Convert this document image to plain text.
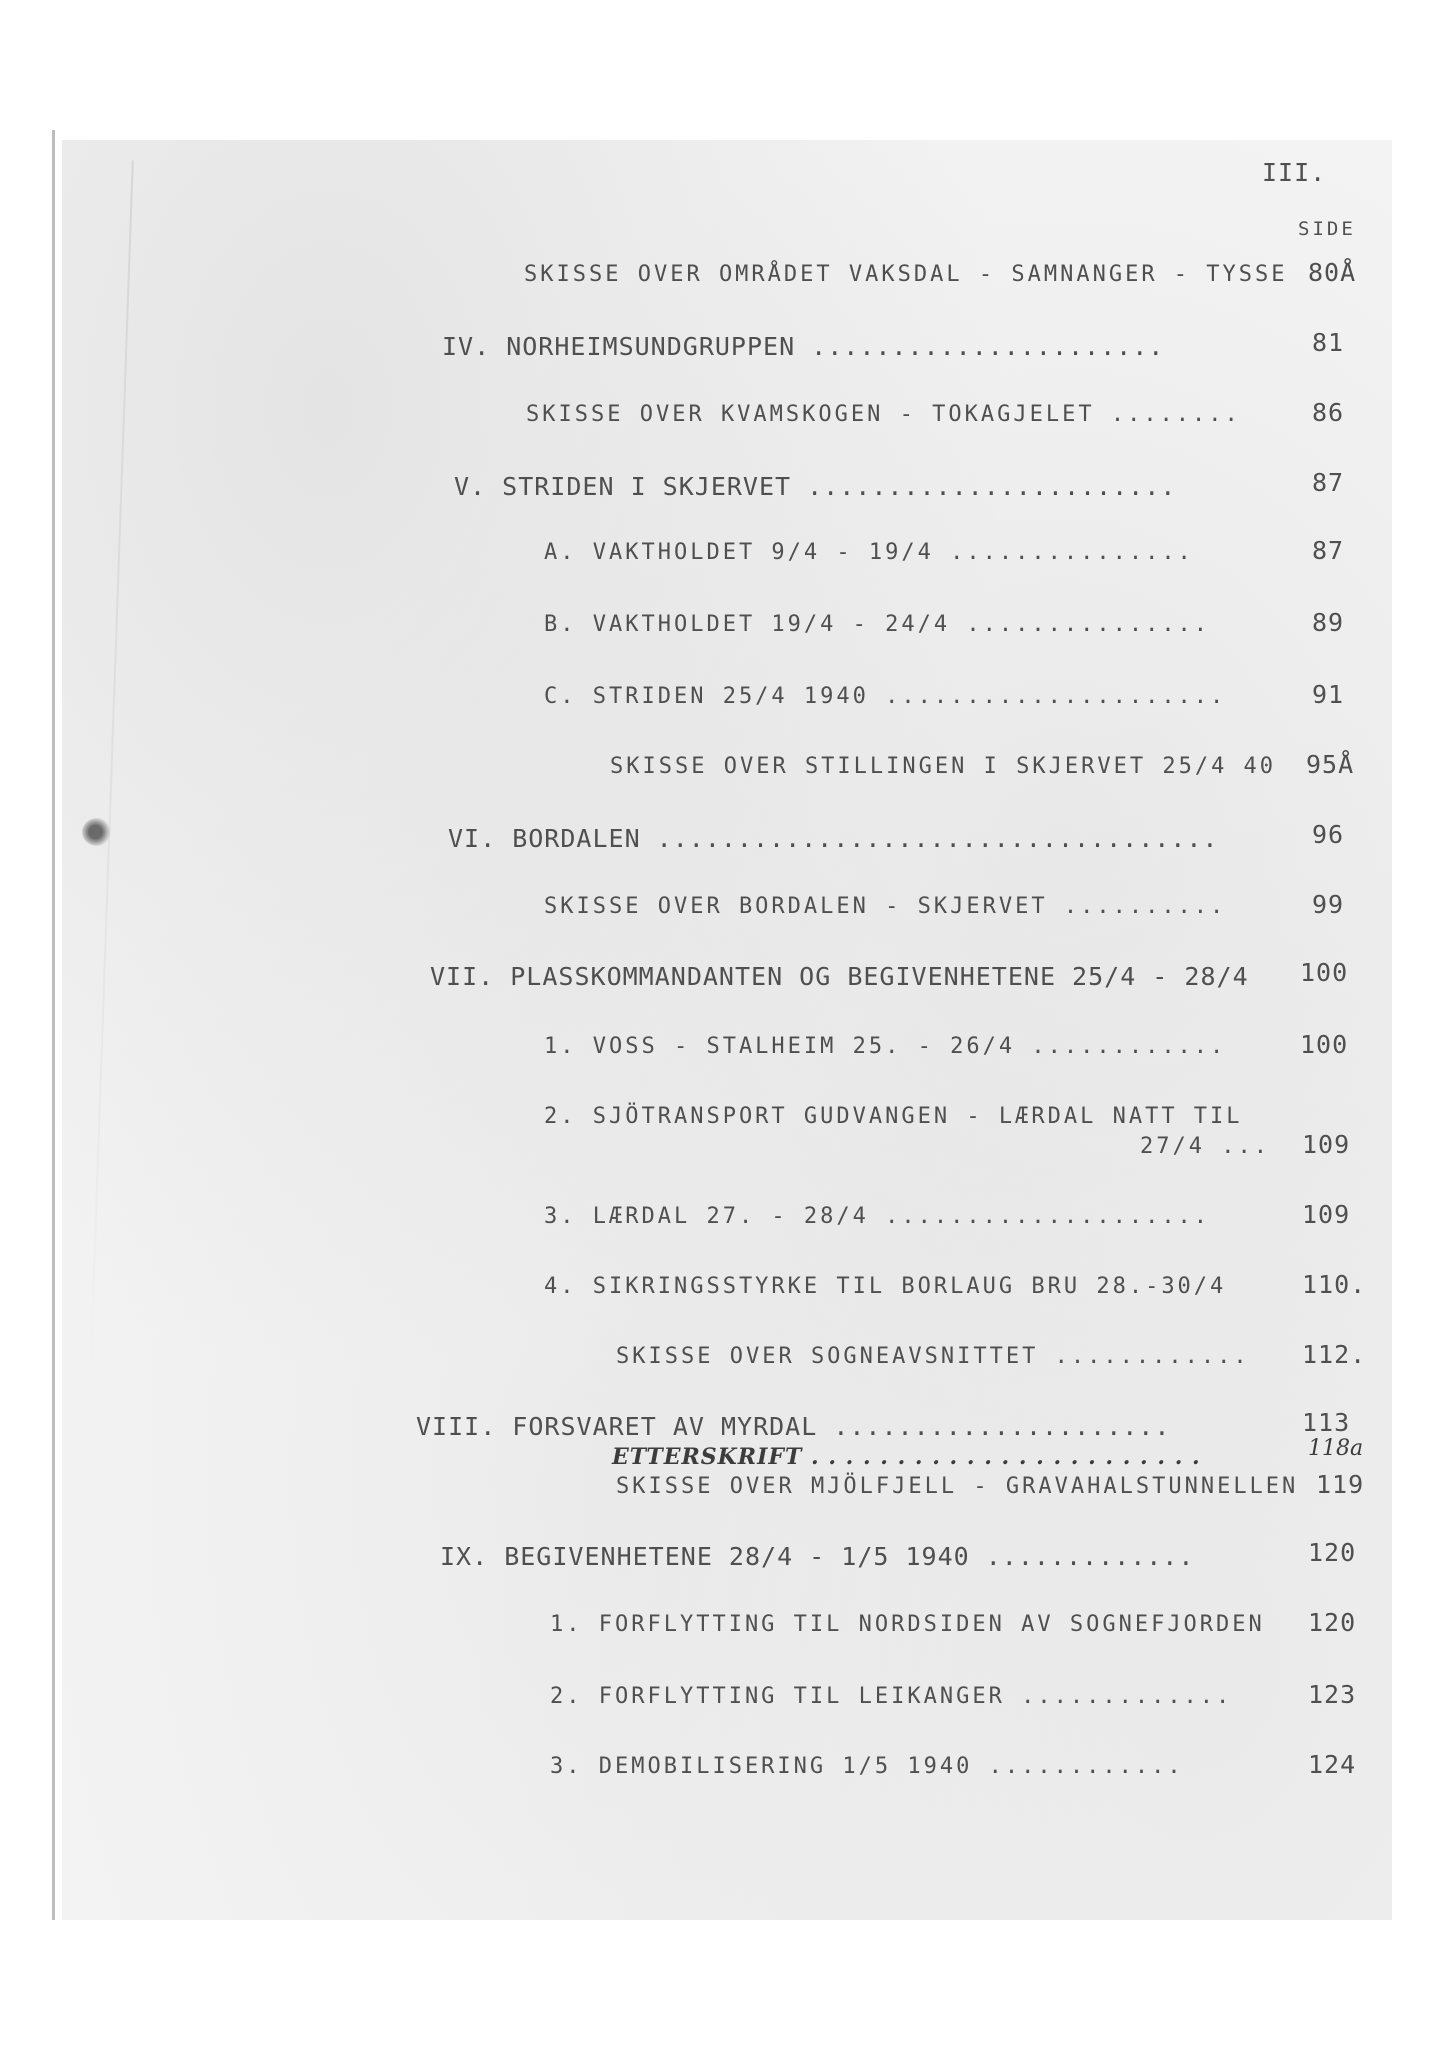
III.
SIDE
SKISSE OVER OMRÅDET VAKSDAL - SAMNANGER - TYSSE 80Å
IV. NORHEIMSUNDGRUPPEN ......................	81
SKISSE OVER KVAMSKOGEN - TOKAGJELET ........	86
V. STRIDEN I SKJERVET .......................	87
A. VAKTHOLDET 9/4 - 19/4 ...............	87
B. VAKTHOLDET 19/4 - 24/4 ...............	89
C. STRIDEN 25/4 1940 .....................	91
SKISSE OVER STILLINGEN I SKJERVET 25/4 40 95Å
VI. BORDALEN ...................................	96
SKISSE OVER BORDALEN - SKJERVET ..........	99
VII. PLASSKOMMANDANTEN OG BEGIVENHETENE 25/4 - 28/4 100
1. VOSS - STALHEIM 25. - 26/4 ............	100
2. SJÖTRANSPORT GUDVANGEN - LÆRDAL NATT TIL
27/4 ... 109
3. LÆRDAL 27. - 28/4 ....................	109
4. SIKRINGSSTYRKE TIL BORLAUG BRU 28.-30/4	110.
SKISSE OVER SOGNEAVSNITTET ............ 112.
VIII. FORSVARET AV MYRDAL .....................	113
ETTERSKRIFT . . . . . . . . . . . . . . . . . . . . . . .	118a
SKISSE OVER MJÖLFJELL - GRAVAHALSTUNNELLEN 119
IX. BEGIVENHETENE 28/4 - 1/5 1940 .............	120
1. FORFLYTTING TIL NORDSIDEN AV SOGNEFJORDEN 120
2. FORFLYTTING TIL LEIKANGER .............	123
3. DEMOBILISERING 1/5 1940 ............	124
